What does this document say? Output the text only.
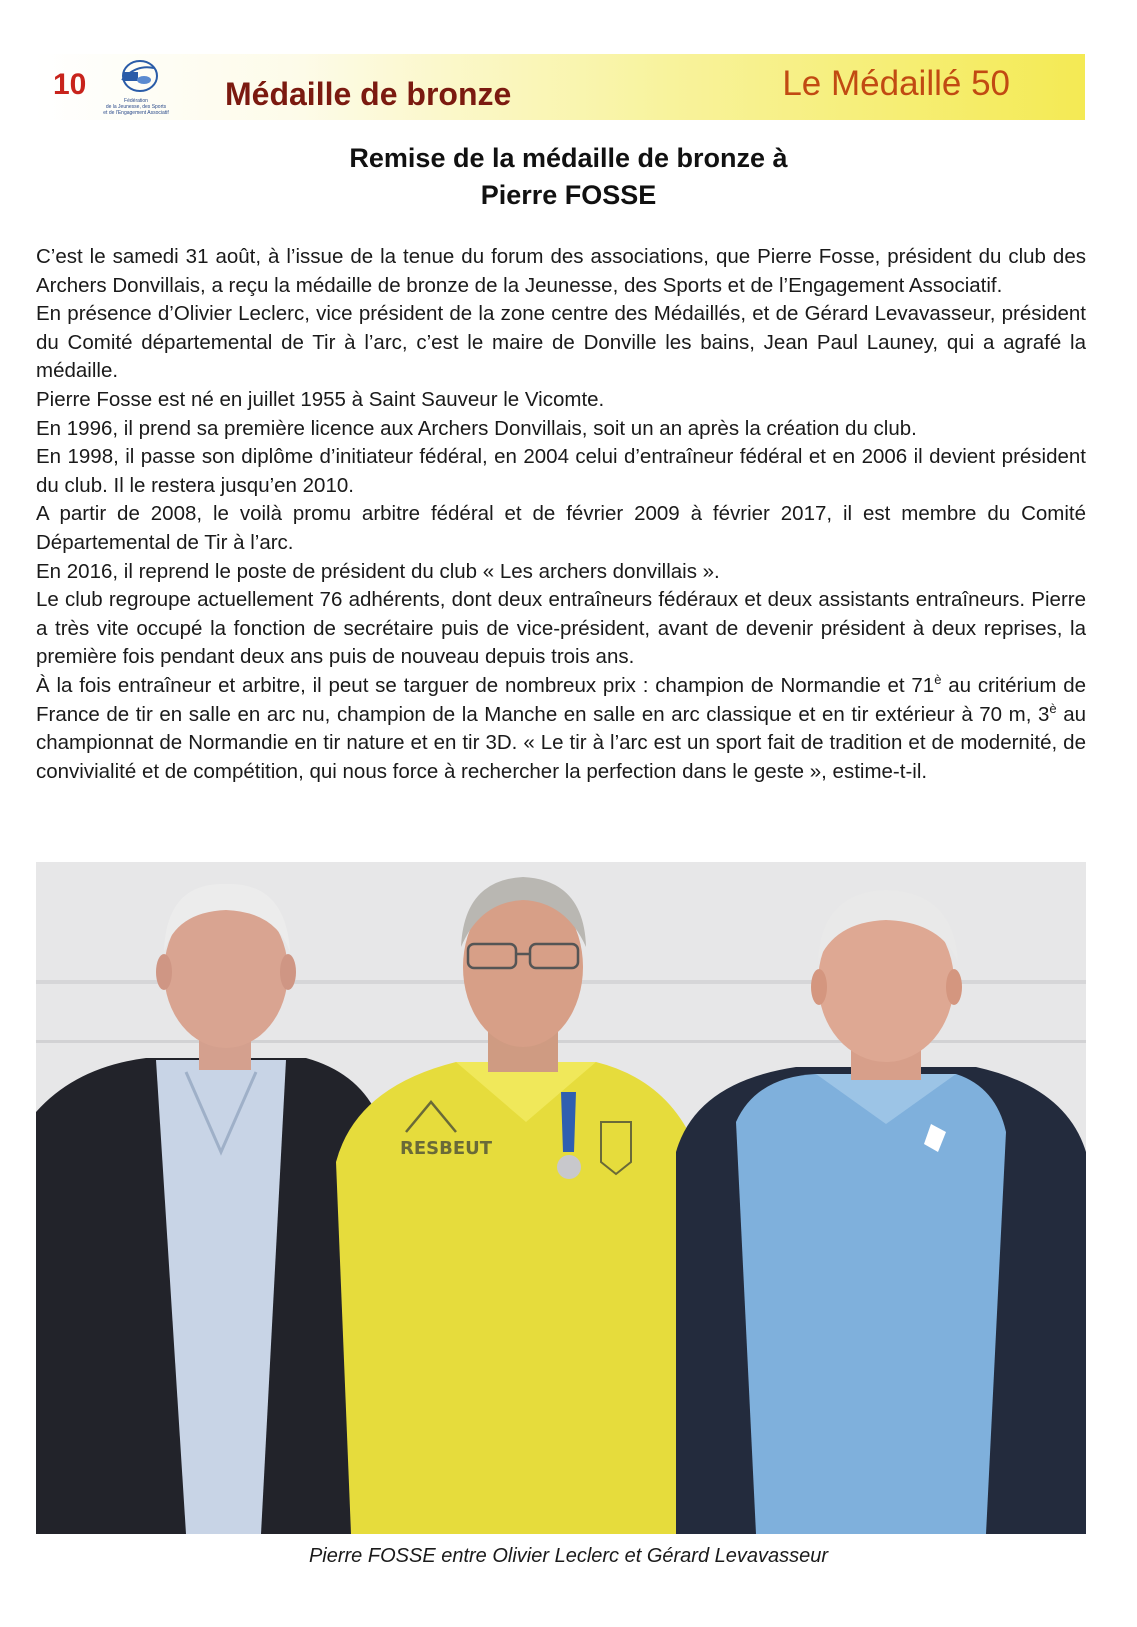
10	Fédération
de la Jeunesse, des Sports
et de l'Engagement Associatif
Médaille de bronze	Le Médaillé 50
Remise de la médaille de bronze à
Pierre FOSSE

C’est le samedi 31 août, à l’issue de la tenue du forum des associations, que Pierre Fosse, président du club des Archers Donvillais, a reçu la médaille de bronze de la Jeunesse, des Sports et de l’Engagement Associatif.

En présence d’Olivier Leclerc, vice président de la zone centre des Médaillés, et de Gérard Levavasseur, président du Comité départemental de Tir à l’arc, c’est le maire de Donville les bains, Jean Paul Launey, qui a agrafé la médaille.

Pierre Fosse est né en juillet 1955 à Saint Sauveur le Vicomte.

En 1996, il prend sa première licence aux Archers Donvillais, soit un an après la création du club.

En 1998, il passe son diplôme d’initiateur fédéral, en 2004 celui d’entraîneur fédéral et en 2006 il devient président du club. Il le restera jusqu’en 2010.

A partir de 2008, le voilà promu arbitre fédéral et de février 2009 à février 2017, il est membre du Comité Départemental de Tir à l’arc.

En 2016, il reprend le poste de président du club « Les archers donvillais ».

Le club regroupe actuellement 76 adhérents, dont deux entraîneurs fédéraux et deux assistants entraîneurs. Pierre a très vite occupé la fonction de secrétaire puis de vice-président, avant de devenir président à deux reprises, la première fois pendant deux ans puis de nouveau depuis trois ans.

À la fois entraîneur et arbitre, il peut se targuer de nombreux prix : champion de Normandie et $71^è$ au critérium de France de tir en salle en arc nu, champion de la Manche en salle en arc classique et en tir extérieur à 70 m, $3^è$ au championnat de Normandie en tir nature et en tir 3D. « Le tir à l’arc est un sport fait de tradition et de modernité, de convivialité et de compétition, qui nous force à rechercher la perfection dans le geste », estime-t-il.

RESBEUT
Pierre FOSSE entre Olivier Leclerc et Gérard Levavasseur
